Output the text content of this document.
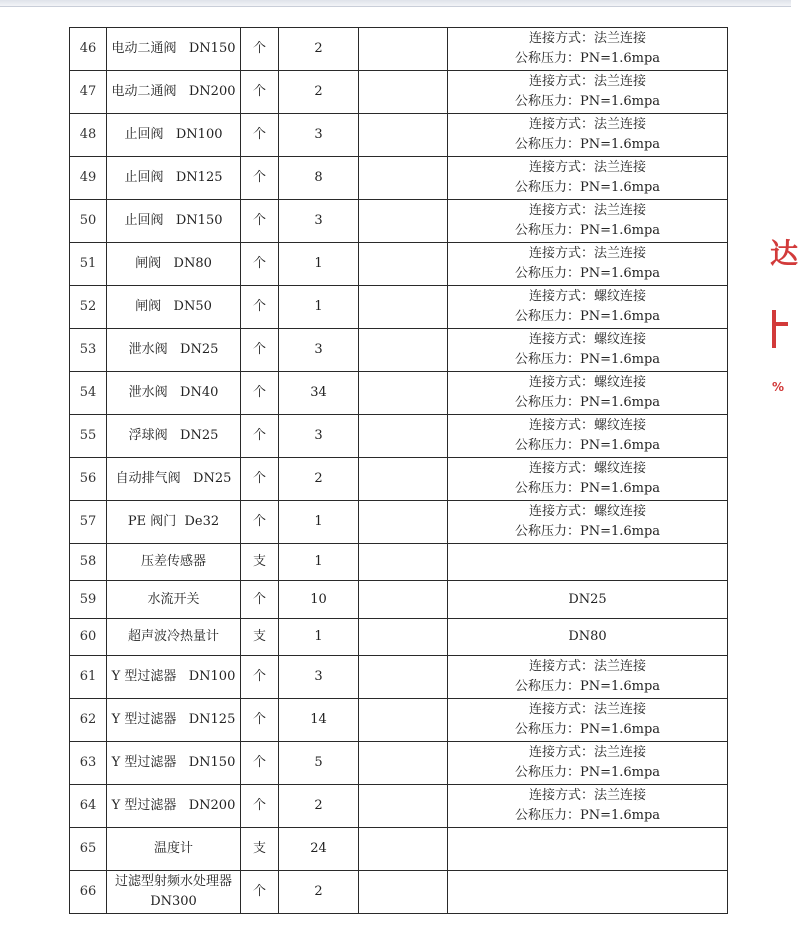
46	电动二通阀   DN150	个	2		连接方式：法兰连接
公称压力：PN=1.6mpa

47	电动二通阀   DN200	个	2		连接方式：法兰连接
公称压力：PN=1.6mpa

48	止回阀   DN100	个	3		连接方式：法兰连接
公称压力：PN=1.6mpa

49	止回阀   DN125	个	8		连接方式：法兰连接
公称压力：PN=1.6mpa

50	止回阀   DN150	个	3		连接方式：法兰连接
公称压力：PN=1.6mpa

51	闸阀   DN80	个	1		连接方式：法兰连接
公称压力：PN=1.6mpa

52	闸阀   DN50	个	1		连接方式：螺纹连接
公称压力：PN=1.6mpa

53	泄水阀   DN25	个	3		连接方式：螺纹连接
公称压力：PN=1.6mpa

54	泄水阀   DN40	个	34		连接方式：螺纹连接
公称压力：PN=1.6mpa

55	浮球阀   DN25	个	3		连接方式：螺纹连接
公称压力：PN=1.6mpa

56	自动排气阀   DN25	个	2		连接方式：螺纹连接
公称压力：PN=1.6mpa

57	PE 阀门  De32	个	1		连接方式：螺纹连接
公称压力：PN=1.6mpa

58	压差传感器	支	1		
59	水流开关	个	10		DN25

60	超声波冷热量计	支	1		DN80

61	Y 型过滤器   DN100	个	3		连接方式：法兰连接
公称压力：PN=1.6mpa

62	Y 型过滤器   DN125	个	14		连接方式：法兰连接
公称压力：PN=1.6mpa

63	Y 型过滤器   DN150	个	5		连接方式：法兰连接
公称压力：PN=1.6mpa

64	Y 型过滤器   DN200	个	2		连接方式：法兰连接
公称压力：PN=1.6mpa

65	温度计	支	24		
66	过滤型射频水处理器
DN300	个	2		
达
%
